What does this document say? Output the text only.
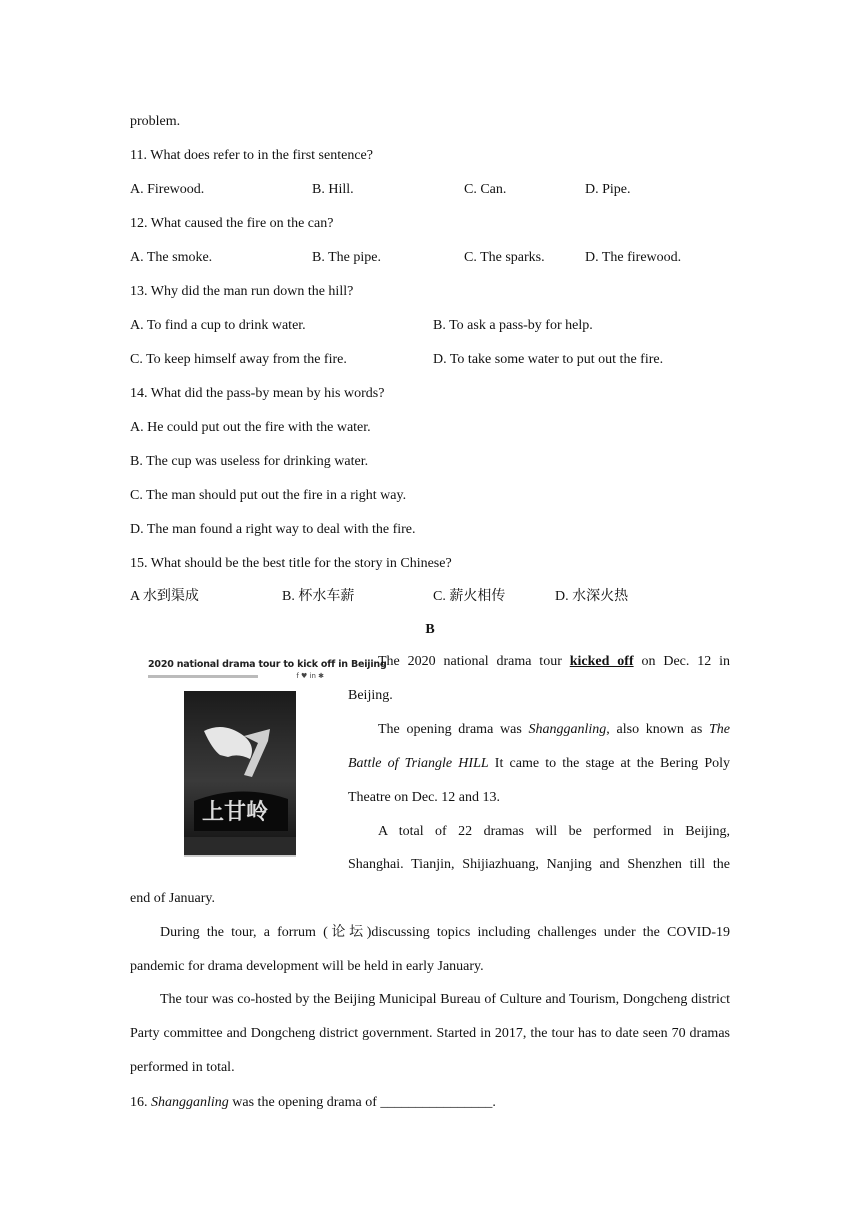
problem.
11. What does refer to in the first sentence?
A. Firewood.	B. Hill.	C. Can.	D. Pipe.
12. What caused the fire on the can?
A. The smoke.	B. The pipe.	C. The sparks.	D. The firewood.
13. Why did the man run down the hill?
A. To find a cup to drink water.	B. To ask a pass-by for help.
C. To keep himself away from the fire.	D. To take some water to put out the fire.
14. What did the pass-by mean by his words?
A. He could put out the fire with the water.
B. The cup was useless for drinking water.
C. The man should put out the fire in a right way.
D. The man found a right way to deal with the fire.
15. What should be the best title for the story in Chinese?
A 水到渠成	B. 杯水车薪	C. 薪火相传	D. 水深火热
B
2020 national drama tour to kick off in Beijing
f ♥ in ✱
上甘岭
The 2020 national drama tour kicked off on Dec. 12 in Beijing.
The opening drama was Shangganling, also known as The Battle of Triangle HILL It came to the stage at the Bering Poly Theatre on Dec. 12 and 13.
A total of 22 dramas will be performed in Beijing,
Shanghai. Tianjin, Shijiazhuang, Nanjing and Shenzhen till the
end of January.
During the tour, a forrum (论坛)discussing topics including challenges under the COVID-19 pandemic for drama development will be held in early January.
The tour was co-hosted by the Beijing Municipal Bureau of Culture and Tourism, Dongcheng district Party committee and Dongcheng district government. Started in 2017, the tour has to date seen 70 dramas performed in total.
16. Shangganling was the opening drama of ________________.
